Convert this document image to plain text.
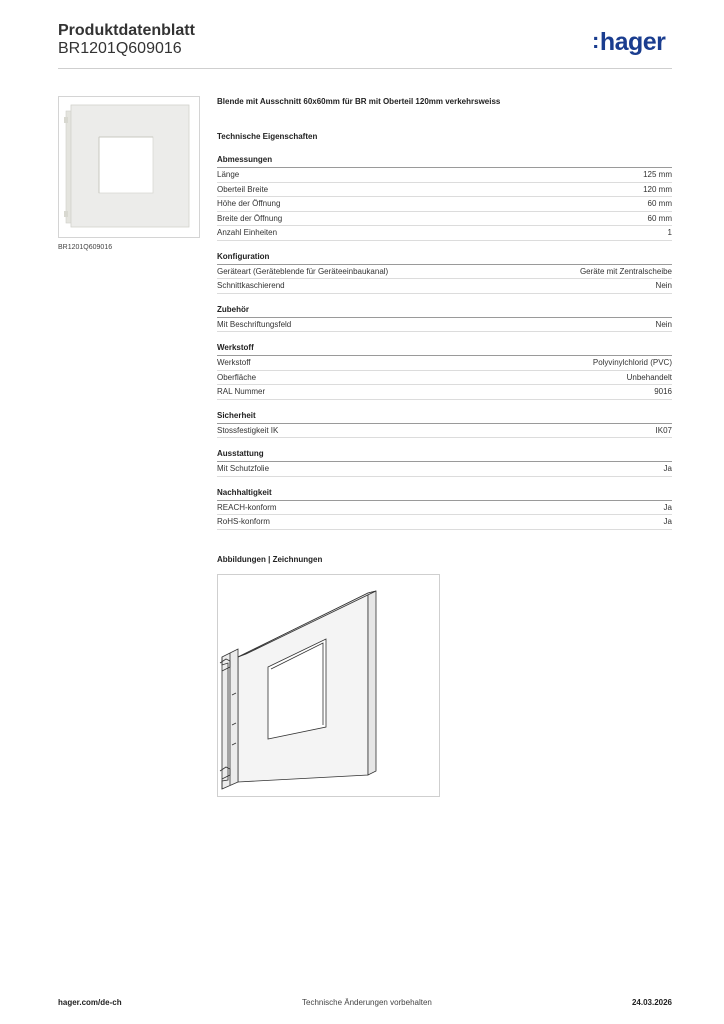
Produktdatenblatt
BR1201Q609016	:hager
BR1201Q609016
Blende mit Ausschnitt 60x60mm für BR mit Oberteil 120mm verkehrsweiss
Technische Eigenschaften
Abmessungen
Länge	125 mm
Oberteil Breite	120 mm
Höhe der Öffnung	60 mm
Breite der Öffnung	60 mm
Anzahl Einheiten	1
Konfiguration
Geräteart (Geräteblende für Geräteeinbaukanal)	Geräte mit Zentralscheibe
Schnittkaschierend	Nein
Zubehör
Mit Beschriftungsfeld	Nein
Werkstoff
Werkstoff	Polyvinylchlorid (PVC)
Oberfläche	Unbehandelt
RAL Nummer	9016
Sicherheit
Stossfestigkeit IK	IK07
Ausstattung
Mit Schutzfolie	Ja
Nachhaltigkeit
REACH-konform	Ja
RoHS-konform	Ja
Abbildungen | Zeichnungen
hager.com/de-ch	Technische Änderungen vorbehalten	24.03.2026
